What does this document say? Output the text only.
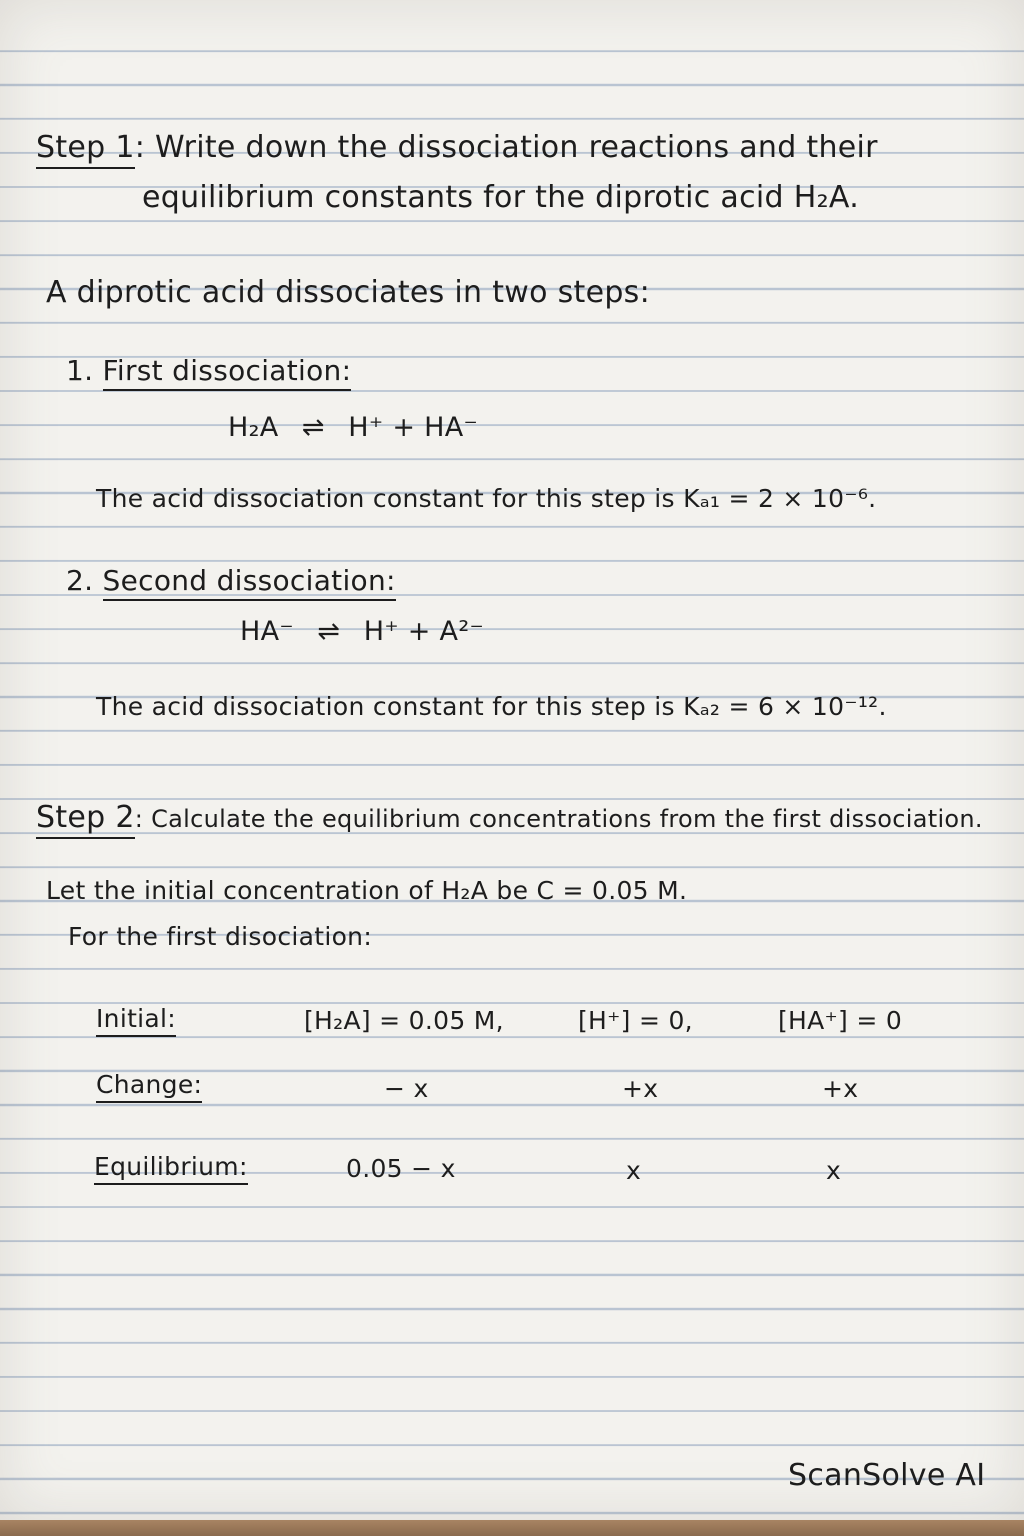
Step 1: Write down the dissociation reactions and their
equilibrium constants for the diprotic acid H₂A.
A diprotic acid dissociates in two steps:
1. First dissociation:
H₂A ⇌ H⁺ + HA⁻
The acid dissociation constant for this step is Kₐ₁ = 2 × 10⁻⁶.
2. Second dissociation:
HA⁻ ⇌ H⁺ + A²⁻
The acid dissociation constant for this step is Kₐ₂ = 6 × 10⁻¹².
Step 2: Calculate the equilibrium concentrations from the first dissociation.
Let the initial concentration of H₂A be C = 0.05 M.
For the first disociation:
Initial:	[H₂A] = 0.05 M,	[H⁺] = 0,	[HA⁺] = 0
Change:	− x	+x	+x
Equilibrium:	0.05 − x	x	x
ScanSolve AI
